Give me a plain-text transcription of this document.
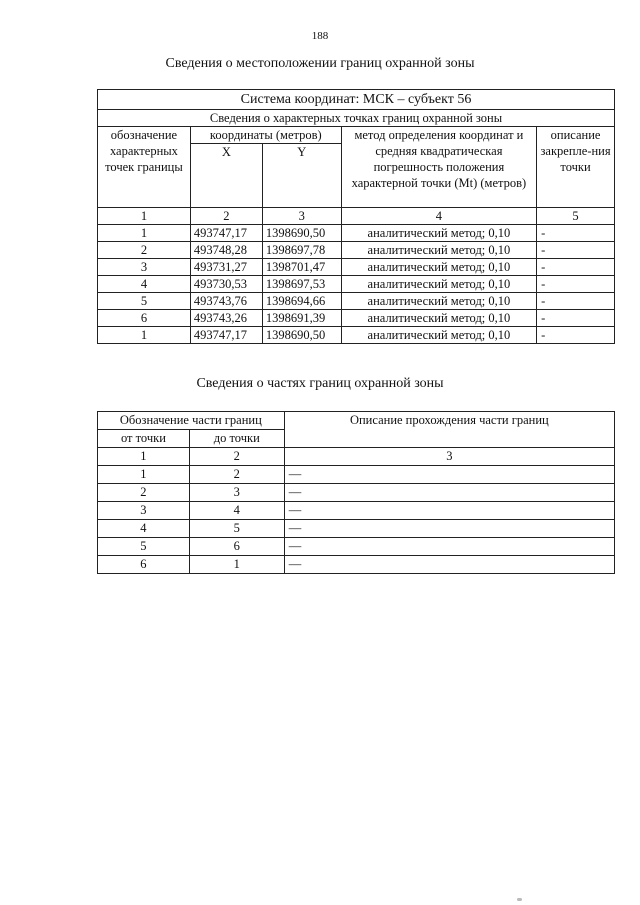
188
Сведения о местоположении границ охранной зоны
Система координат: МСК – субъект 56				
Сведения о характерных точках границ охранной зоны				
обозначение характерных точек границы	координаты (метров)		метод определения координат и средняя квадратическая погрешность положения характерной точки (Mt) (метров)	описание закрепле-ния точки
	X	Y		
1	2	3	4	5
1	493747,17	1398690,50	аналитический метод; 0,10	-
2	493748,28	1398697,78	аналитический метод; 0,10	-
3	493731,27	1398701,47	аналитический метод; 0,10	-
4	493730,53	1398697,53	аналитический метод; 0,10	-
5	493743,76	1398694,66	аналитический метод; 0,10	-
6	493743,26	1398691,39	аналитический метод; 0,10	-
1	493747,17	1398690,50	аналитический метод; 0,10	-
Сведения о частях границ охранной зоны
Обозначение части границ		Описание прохождения части границ
от точки	до точки	
1	2	3
1	2	—
2	3	—
3	4	—
4	5	—
5	6	—
6	1	—
